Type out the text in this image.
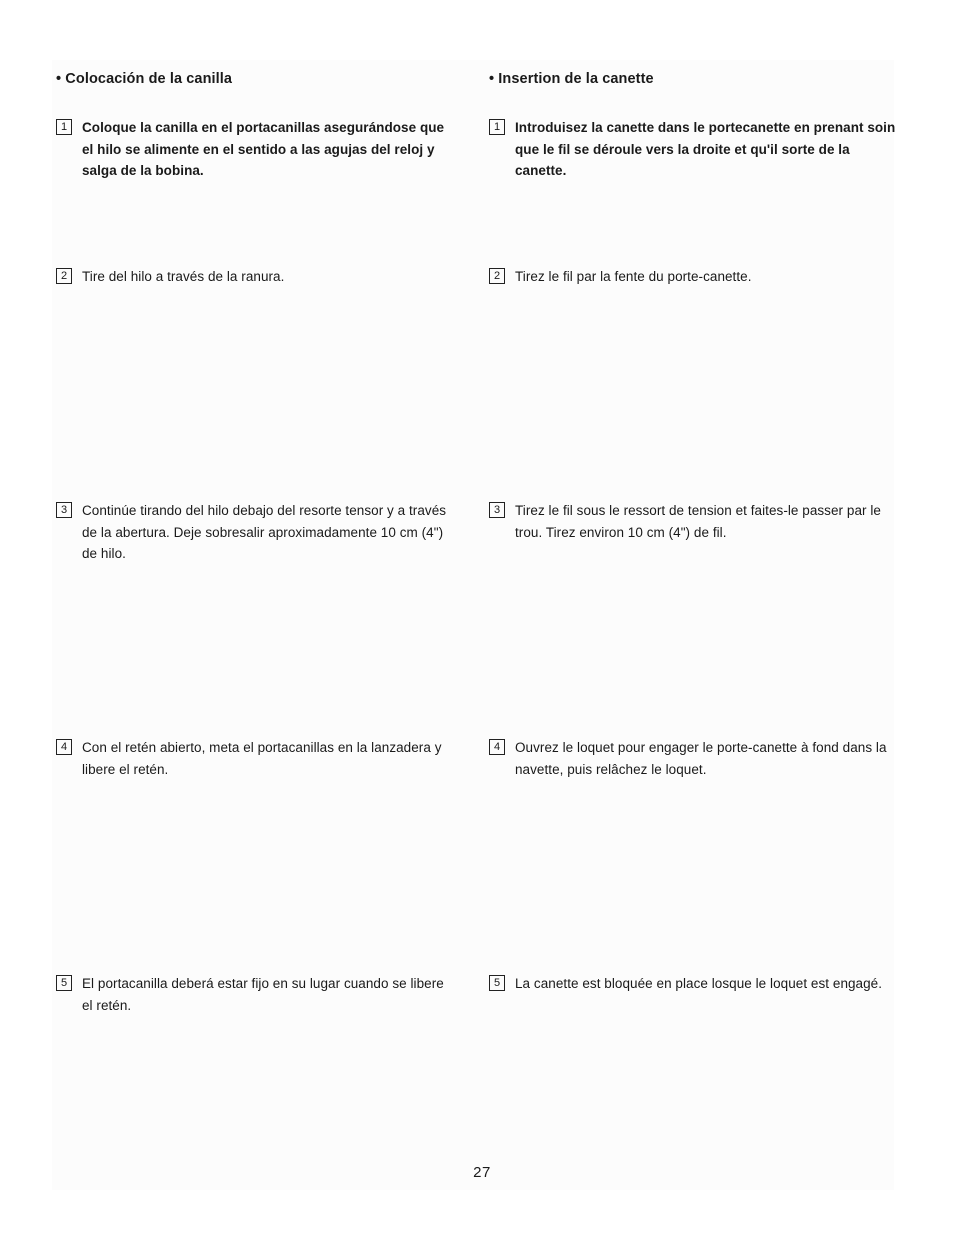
• Colocación de la canilla
1	Coloque la canilla en el portacanillas asegurándose que el hilo se alimente en el sentido a las agujas del reloj y salga de la bobina.
2	Tire del hilo a través de la ranura.
3	Continúe tirando del hilo debajo del resorte tensor y a través de la abertura. Deje sobresalir aproximadamente 10 cm (4") de hilo.
4	Con el retén abierto, meta el portacanillas en la lanzadera y libere el retén.
5	El portacanilla deberá estar fijo en su lugar cuando se libere el retén.
• Insertion de la canette
1	Introduisez la canette dans le portecanette en prenant soin que le fil se déroule vers la droite et qu'il sorte de la canette.
2	Tirez le fil par la fente du porte-canette.
3	Tirez le fil sous le ressort de tension et faites-le passer par le trou. Tirez environ 10 cm (4") de fil.
4	Ouvrez le loquet pour engager le porte-canette à fond dans la navette, puis relâchez le loquet.
5	La canette est bloquée en place losque le loquet est engagé.
27
